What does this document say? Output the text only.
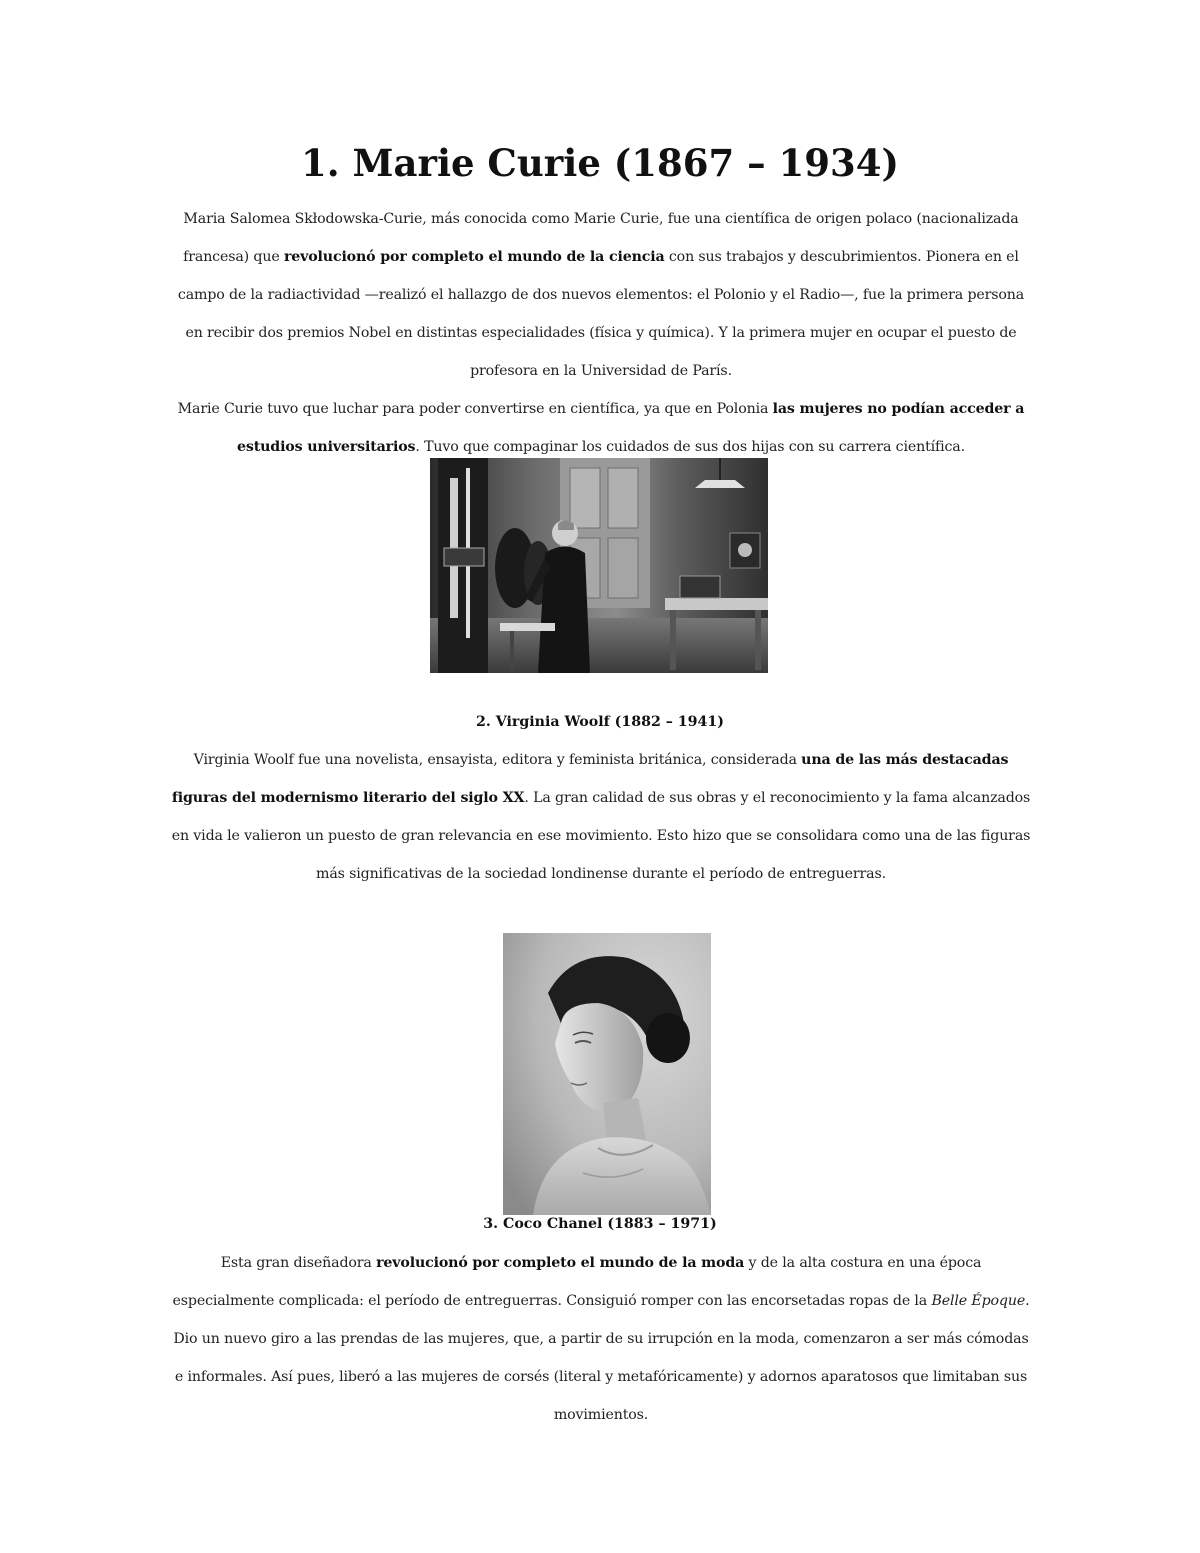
1. Marie Curie (1867 – 1934)

Maria Salomea Skłodowska-Curie, más conocida como Marie Curie, fue una científica de origen polaco (nacionalizada francesa) que revolucionó por completo el mundo de la ciencia con sus trabajos y descubrimientos. Pionera en el campo de la radiactividad —realizó el hallazgo de dos nuevos elementos: el Polonio y el Radio—, fue la primera persona en recibir dos premios Nobel en distintas especialidades (física y química). Y la primera mujer en ocupar el puesto de profesora en la Universidad de París.

Marie Curie tuvo que luchar para poder convertirse en científica, ya que en Polonia las mujeres no podían acceder a estudios universitarios. Tuvo que compaginar los cuidados de sus dos hijas con su carrera científica.

2. Virginia Woolf (1882 – 1941)

Virginia Woolf fue una novelista, ensayista, editora y feminista británica, considerada una de las más destacadas figuras del modernismo literario del siglo XX. La gran calidad de sus obras y el reconocimiento y la fama alcanzados en vida le valieron un puesto de gran relevancia en ese movimiento. Esto hizo que se consolidara como una de las figuras más significativas de la sociedad londinense durante el período de entreguerras.

3. Coco Chanel (1883 – 1971)

Esta gran diseñadora revolucionó por completo el mundo de la moda y de la alta costura en una época especialmente complicada: el período de entreguerras. Consiguió romper con las encorsetadas ropas de la Belle Époque. Dio un nuevo giro a las prendas de las mujeres, que, a partir de su irrupción en la moda, comenzaron a ser más cómodas e informales. Así pues, liberó a las mujeres de corsés (literal y metafóricamente) y adornos aparatosos que limitaban sus movimientos.
